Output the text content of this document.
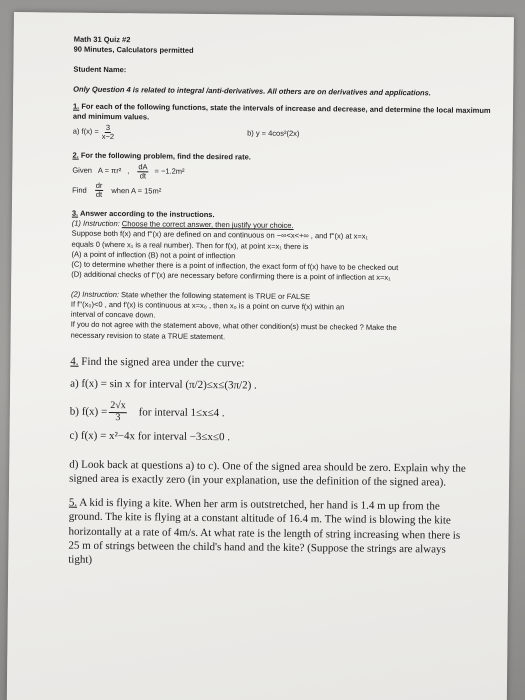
Math 31 Quiz #2

90 Minutes, Calculators permitted

Student Name:

Only Question 4 is related to integral /anti-derivatives. All others are on derivatives and applications.

1. For each of the following functions, state the intervals of increase and decrease, and determine the local maximum and minimum values.

a) $f(x) = \frac{3}{x-2}$	b) y = 4cos²(2x)

2. For the following problem, find the desired rate.

Given A = πr² , $\frac{dA}{dt} = -1.2m^2$
Find $\frac{dr}{dt}$ when A = 15m²

3. Answer according to the instructions.

(1) Instruction: Choose the correct answer, then justify your choice.

Suppose both f(x) and f''(x) are defined on and continuous on −∞<x<+∞ , and f''(x) at x=x₁

equals 0 (where x₁ is a real number). Then for f(x), at point x=x₁ there is

(A) a point of inflection (B) not a point of inflection

(C) to determine whether there is a point of inflection, the exact form of f(x) have to be checked out

(D) additional checks of f''(x) are necessary before confirming there is a point of inflection at x=x₁

(2) Instruction: State whether the following statement is TRUE or FALSE

If f''(x₀)<0 , and f'(x) is continuous at x=x₀ , then x₀ is a point on curve f(x) within an

interval of concave down.

If you do not agree with the statement above, what other condition(s) must be checked ? Make the

necessary revision to state a TRUE statement.

4. Find the signed area under the curve:

a) f(x) = sin x for interval (π/2)≤x≤(3π/2) .
b) $f(x) = \frac{2√x}{3}$ for interval 1≤x≤4 .
c) f(x) = x²−4x for interval −3≤x≤0 .

d) Look back at questions a) to c). One of the signed area should be zero. Explain why the signed area is exactly zero (in your explanation, use the definition of the signed area).

5. A kid is flying a kite. When her arm is outstretched, her hand is 1.4 m up from the ground. The kite is flying at a constant altitude of 16.4 m. The wind is blowing the kite horizontally at a rate of 4m/s. At what rate is the length of string increasing when there is 25 m of strings between the child's hand and the kite? (Suppose the strings are always tight)
